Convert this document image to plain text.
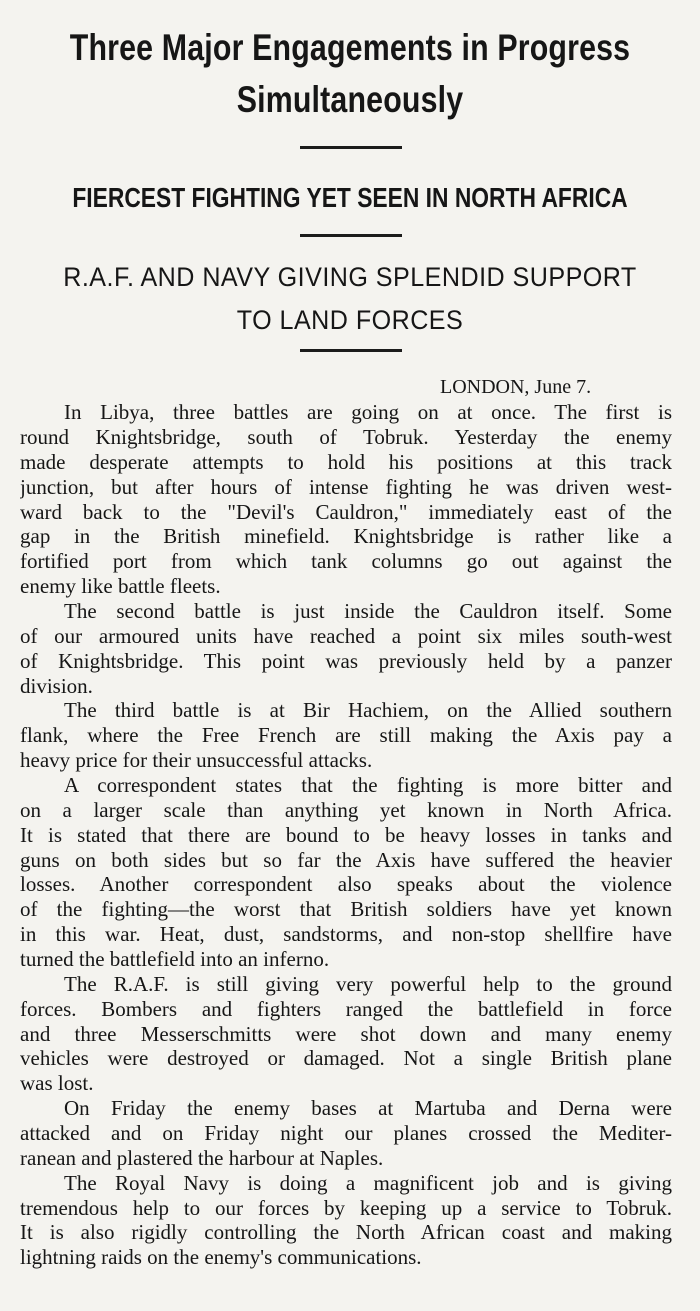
Three Major Engagements in Progress
Simultaneously
FIERCEST FIGHTING YET SEEN IN NORTH AFRICA
R.A.F. AND NAVY GIVING SPLENDID SUPPORT
TO LAND FORCES
LONDON, June 7.
In Libya, three battles are going on at once. The first is
round Knightsbridge, south of Tobruk. Yesterday the enemy
made desperate attempts to hold his positions at this track
junction, but after hours of intense fighting he was driven west-
ward back to the "Devil's Cauldron," immediately east of the
gap in the British minefield. Knightsbridge is rather like a
fortified port from which tank columns go out against the
enemy like battle fleets.
The second battle is just inside the Cauldron itself. Some
of our armoured units have reached a point six miles south-west
of Knightsbridge. This point was previously held by a panzer
division.
The third battle is at Bir Hachiem, on the Allied southern
flank, where the Free French are still making the Axis pay a
heavy price for their unsuccessful attacks.
A correspondent states that the fighting is more bitter and
on a larger scale than anything yet known in North Africa.
It is stated that there are bound to be heavy losses in tanks and
guns on both sides but so far the Axis have suffered the heavier
losses. Another correspondent also speaks about the violence
of the fighting—the worst that British soldiers have yet known
in this war. Heat, dust, sandstorms, and non-stop shellfire have
turned the battlefield into an inferno.
The R.A.F. is still giving very powerful help to the ground
forces. Bombers and fighters ranged the battlefield in force
and three Messerschmitts were shot down and many enemy
vehicles were destroyed or damaged. Not a single British plane
was lost.
On Friday the enemy bases at Martuba and Derna were
attacked and on Friday night our planes crossed the Mediter-
ranean and plastered the harbour at Naples.
The Royal Navy is doing a magnificent job and is giving
tremendous help to our forces by keeping up a service to Tobruk.
It is also rigidly controlling the North African coast and making
lightning raids on the enemy's communications.
